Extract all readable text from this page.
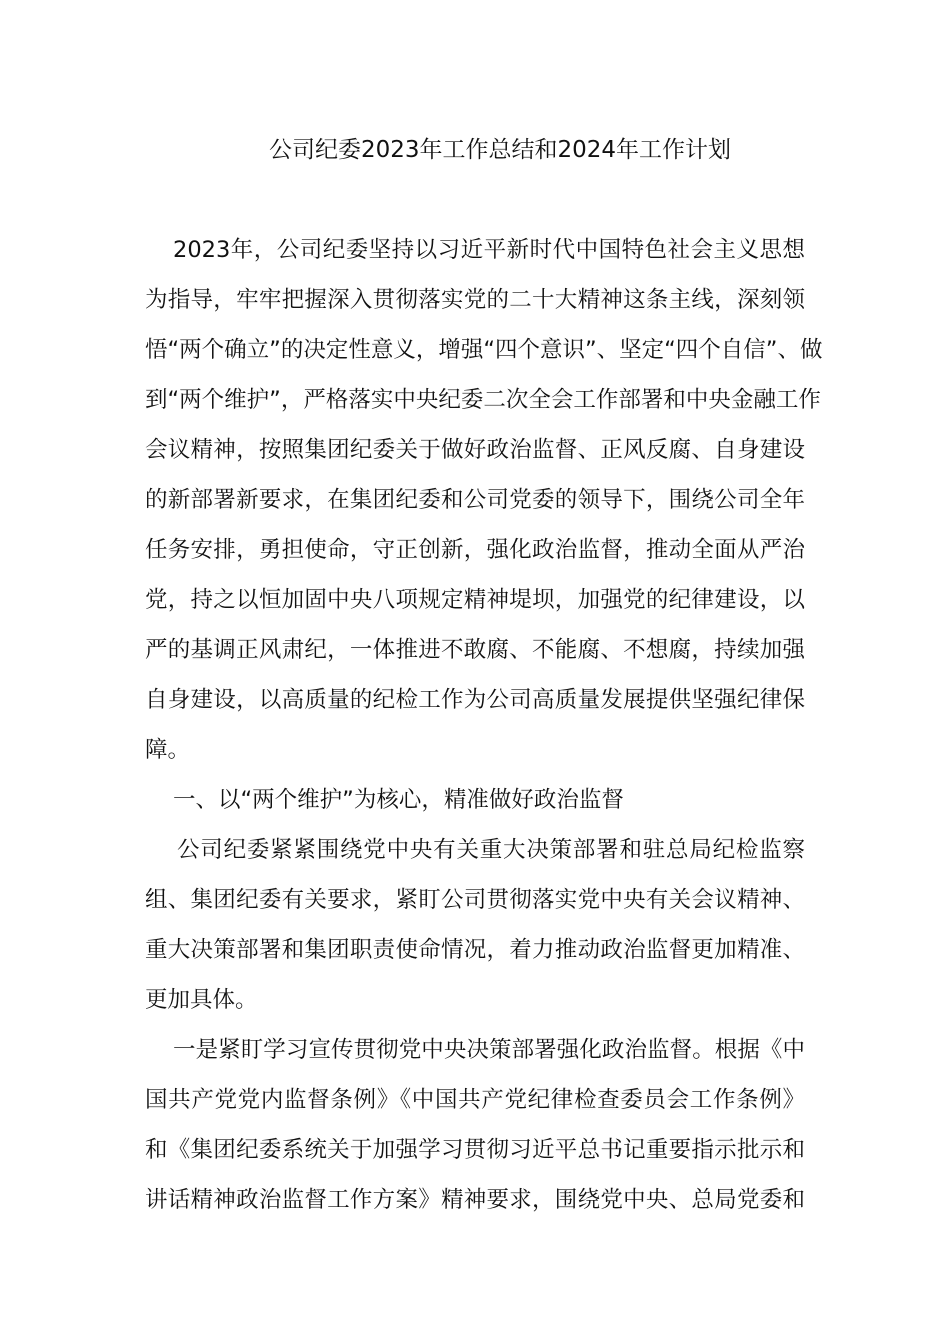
公司纪委2023年工作总结和2024年工作计划
2023年，公司纪委坚持以习近平新时代中国特色社会主义思想
为指导，牢牢把握深入贯彻落实党的二十大精神这条主线，深刻领
悟“两个确立”的决定性意义，增强“四个意识”、坚定“四个自信”、做
到“两个维护”，严格落实中央纪委二次全会工作部署和中央金融工作
会议精神，按照集团纪委关于做好政治监督、正风反腐、自身建设
的新部署新要求，在集团纪委和公司党委的领导下，围绕公司全年
任务安排，勇担使命，守正创新，强化政治监督，推动全面从严治
党，持之以恒加固中央八项规定精神堤坝，加强党的纪律建设，以
严的基调正风肃纪，一体推进不敢腐、不能腐、不想腐，持续加强
自身建设，以高质量的纪检工作为公司高质量发展提供坚强纪律保
障。
一、以“两个维护”为核心，精准做好政治监督
公司纪委紧紧围绕党中央有关重大决策部署和驻总局纪检监察
组、集团纪委有关要求，紧盯公司贯彻落实党中央有关会议精神、
重大决策部署和集团职责使命情况，着力推动政治监督更加精准、
更加具体。
一是紧盯学习宣传贯彻党中央决策部署强化政治监督。根据《中
国共产党党内监督条例》《中国共产党纪律检查委员会工作条例》
和《集团纪委系统关于加强学习贯彻习近平总书记重要指示批示和
讲话精神政治监督工作方案》精神要求，围绕党中央、总局党委和
